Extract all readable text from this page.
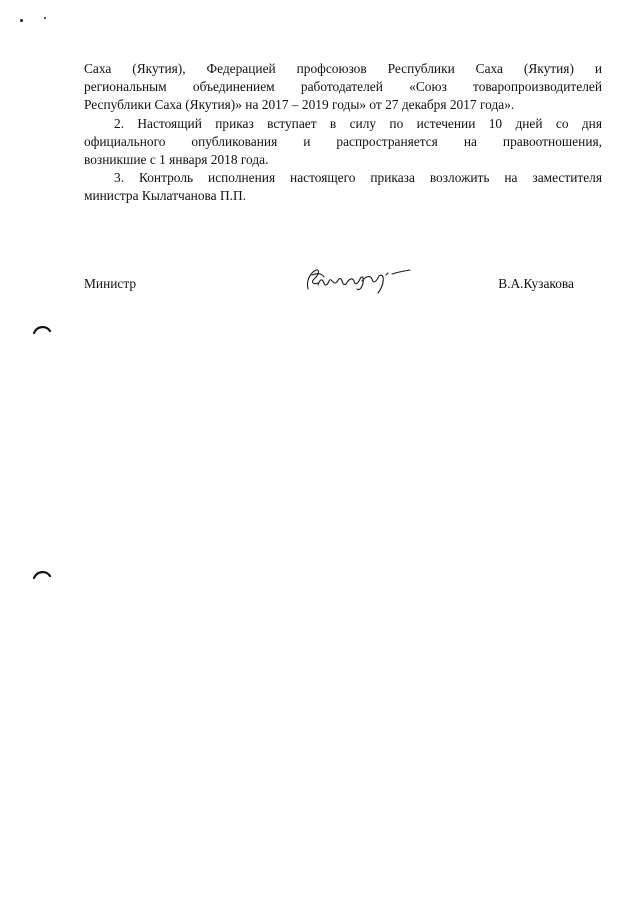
Саха (Якутия), Федерацией профсоюзов Республики Саха (Якутия) и
региональным объединением работодателей «Союз товаропроизводителей
Республики Саха (Якутия)» на 2017 – 2019 годы» от 27 декабря 2017 года».
2. Настоящий приказ вступает в силу по истечении 10 дней со дня
официального опубликования и распространяется на правоотношения,
возникшие с 1 января 2018 года.
3. Контроль исполнения настоящего приказа возложить на заместителя
министра Кылатчанова П.П.
Министр	В.А.Кузакова
